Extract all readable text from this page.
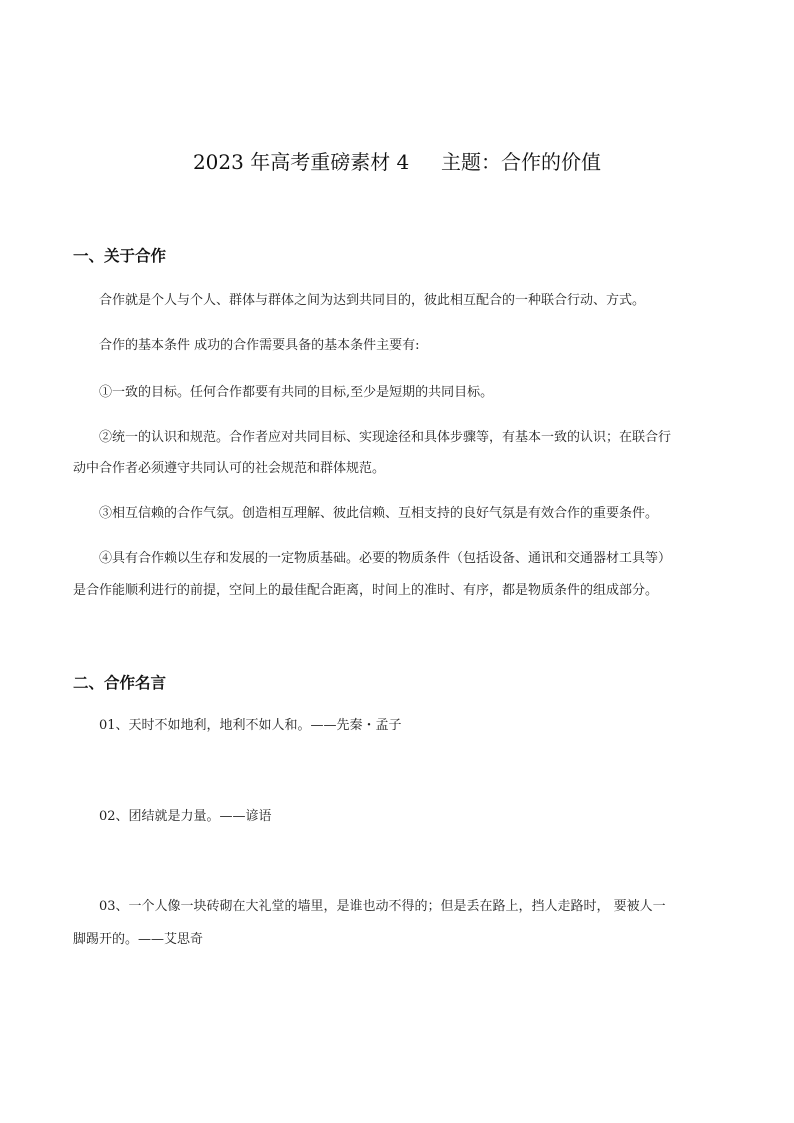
2023 年高考重磅素材 4     主题：合作的价值
一、关于合作
合作就是个人与个人、群体与群体之间为达到共同目的，彼此相互配合的一种联合行动、方式。
合作的基本条件 成功的合作需要具备的基本条件主要有:
①一致的目标。任何合作都要有共同的目标,至少是短期的共同目标。
②统一的认识和规范。合作者应对共同目标、实现途径和具体步骤等，有基本一致的认识；在联合行
动中合作者必须遵守共同认可的社会规范和群体规范。
③相互信赖的合作气氛。创造相互理解、彼此信赖、互相支持的良好气氛是有效合作的重要条件。
④具有合作赖以生存和发展的一定物质基础。必要的物质条件（包括设备、通讯和交通器材工具等）
是合作能顺利进行的前提，空间上的最佳配合距离，时间上的准时、有序，都是物质条件的组成部分。
二、合作名言
01、天时不如地利，地利不如人和。——先秦・孟子
02、团结就是力量。——谚语
03、一个人像一块砖砌在大礼堂的墙里，是谁也动不得的；但是丢在路上，挡人走路时， 要被人一
脚踢开的。——艾思奇
